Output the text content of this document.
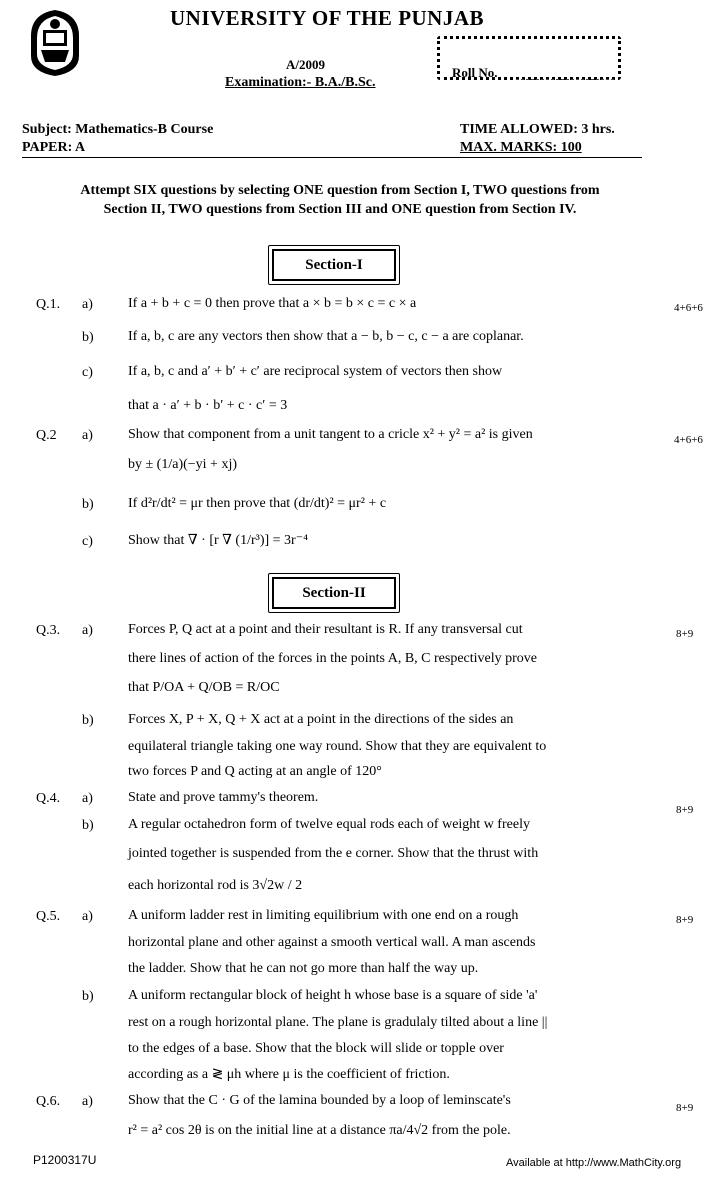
UNIVERSITY OF THE PUNJAB
A/2009
Examination:- B.A./B.Sc.
Roll No.
Subject: Mathematics-B Course
PAPER: A
TIME ALLOWED: 3 hrs.
MAX. MARKS: 100
Attempt SIX questions by selecting ONE question from Section I, TWO questions from Section II, TWO questions from Section III and ONE question from Section IV.
Section-I
Q.1.	4+6+6
a)	If a + b + c = 0 then prove that a × b = b × c = c × a
b) If a, b, c are any vectors then show that a − b, b − c, c − a are coplanar.
c)	If a, b, c and a′ + b′ + c′ are reciprocal system of vectors then show
that a · a′ + b · b′ + c · c′ = 3
Q.2	4+6+6
a)	Show that component from a unit tangent to a cricle x² + y² = a² is given
by ± (1/a)(−yi + xj)
b) If d²r/dt² = μr then prove that (dr/dt)² = μr² + c
c)	Show that ∇ · [r ∇ (1/r³)] = 3r⁻⁴
Section-II
Q.3.	8+9
a)	Forces P, Q act at a point and their resultant is R. If any transversal cut
there lines of action of the forces in the points A, B, C respectively prove
that P/OA + Q/OB = R/OC
b) Forces X, P + X, Q + X act at a point in the directions of the sides an
equilateral triangle taking one way round. Show that they are equivalent to
two forces P and Q acting at an angle of 120°
Q.4.
8+9
a)	State and prove tammy's theorem.
b) A regular octahedron form of twelve equal rods each of weight w freely
jointed together is suspended from the e corner. Show that the thrust with
each horizontal rod is 3√2w / 2
Q.5.	8+9
a)	A uniform ladder rest in limiting equilibrium with one end on a rough
horizontal plane and other against a smooth vertical wall. A man ascends
the ladder. Show that he can not go more than half the way up.
b) A uniform rectangular block of height h whose base is a square of side 'a'
rest on a rough horizontal plane. The plane is gradulaly tilted about a line ||
to the edges of a base. Show that the block will slide or topple over
according as a ≷ μh where μ is the coefficient of friction.
Q.6.	8+9
a)	Show that the C · G of the lamina bounded by a loop of leminscate's
r² = a² cos 2θ is on the initial line at a distance πa/4√2 from the pole.
P1200317U	Available at http://www.MathCity.org
